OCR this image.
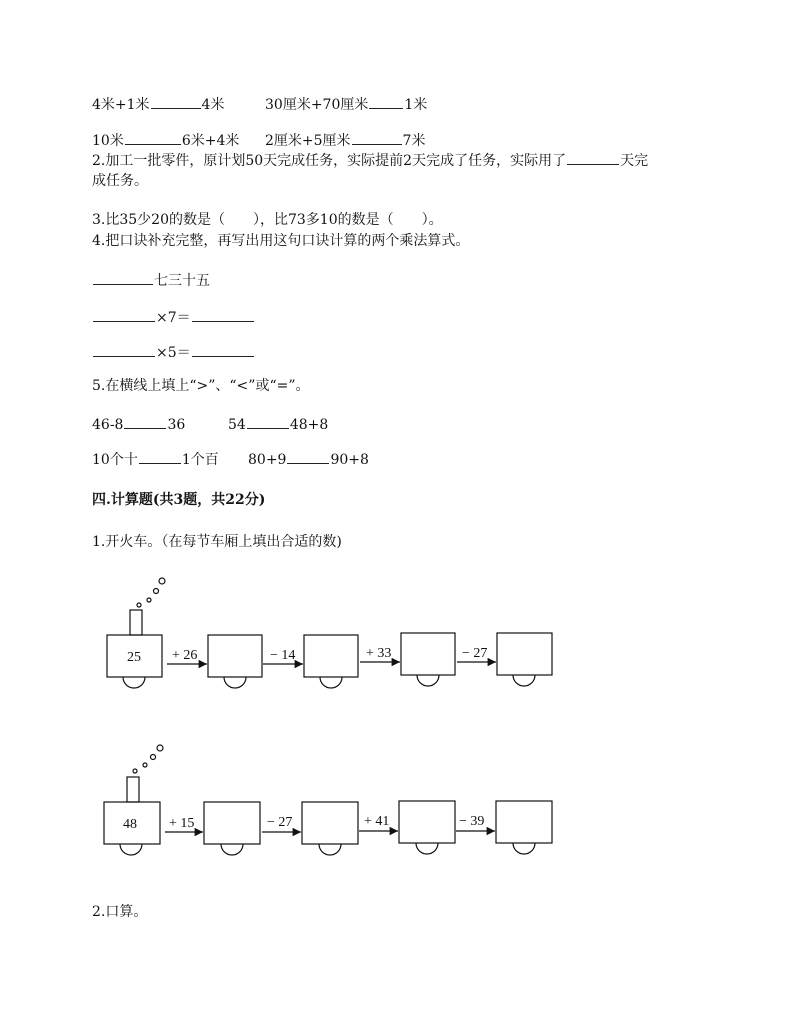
4米+1米	4米	30厘米+70厘米	1米
10米	6米+4米 2厘米+5厘米	7米
2.加工一批零件，原计划50天完成任务，实际提前2天完成了任务，实际用了	天完
成任务。
3.比35少20的数是（　　），比73多10的数是（　　）。
4.把口诀补充完整，再写出用这句口诀计算的两个乘法算式。
七三十五
×7＝
×5＝
5.在横线上填上“>”、“<”或“=”。
46-8	36	54	48+8
10个十	1个百 80+9	90+8
四.计算题(共3题，共22分)
1.开火车。（在每节车厢上填出合适的数)
25 + 26	− 14	+ 33	− 27
48 + 15	− 27	+ 41	− 39
2.口算。
